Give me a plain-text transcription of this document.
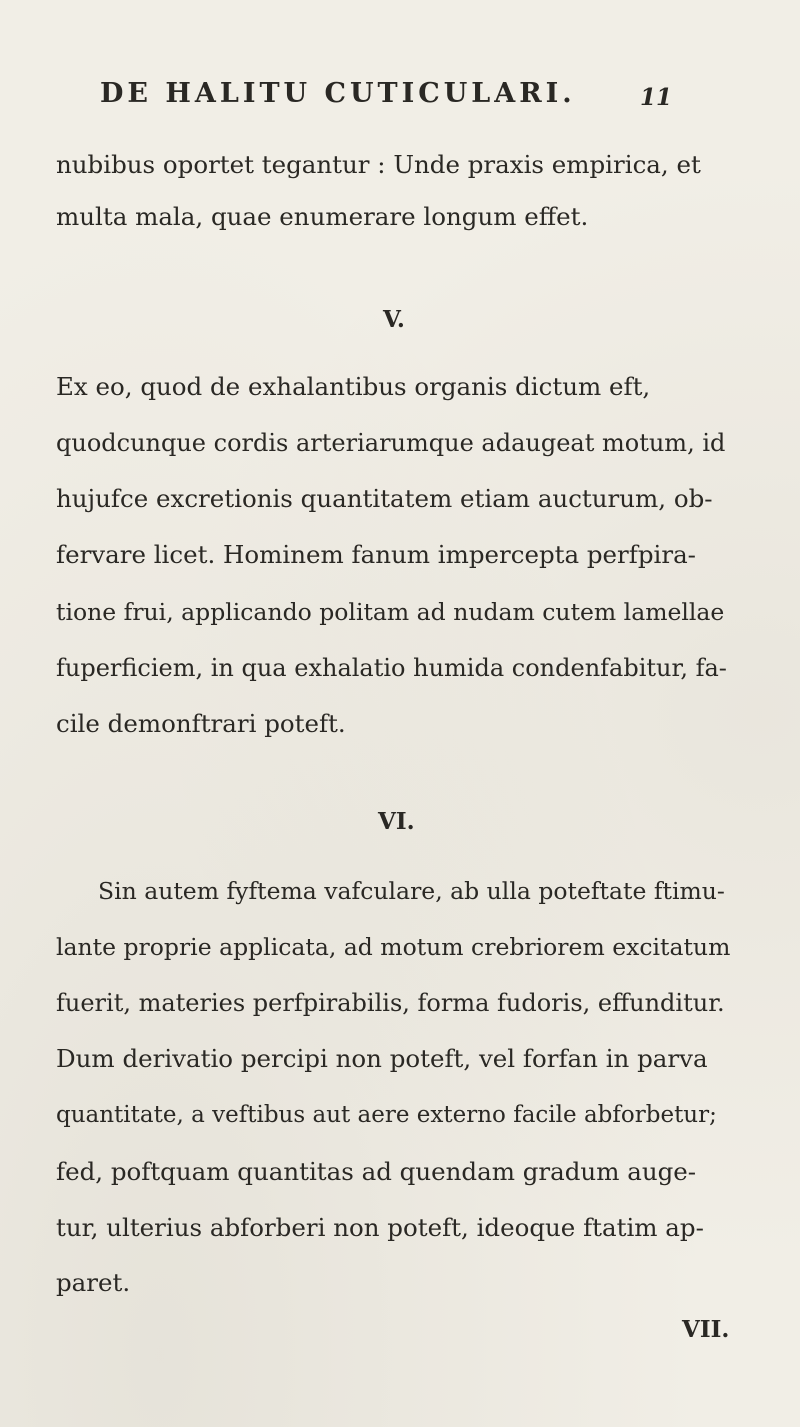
DE HALITU CUTICULARI.	11
nubibus oportet tegantur : Unde praxis empirica, et
multa mala, quae enumerare longum effet.
V.
Ex eo, quod de exhalantibus organis dictum eft,
quodcunque cordis arteriarumque adaugeat motum, id
hujufce excretionis quantitatem etiam aucturum, ob-
fervare licet. Hominem fanum impercepta perfpira-
tione frui, applicando politam ad nudam cutem lamellae
fuperficiem, in qua exhalatio humida condenfabitur, fa-
cile demonftrari poteft.
VI.
Sin autem fyftema vafculare, ab ulla poteftate ftimu-
lante proprie applicata, ad motum crebriorem excitatum
fuerit, materies perfpirabilis, forma fudoris, effunditur.
Dum derivatio percipi non poteft, vel forfan in parva
quantitate, a veftibus aut aere externo facile abforbetur;
fed, poftquam quantitas ad quendam gradum auge-
tur, ulterius abforberi non poteft, ideoque ftatim ap-
paret.
VII.
